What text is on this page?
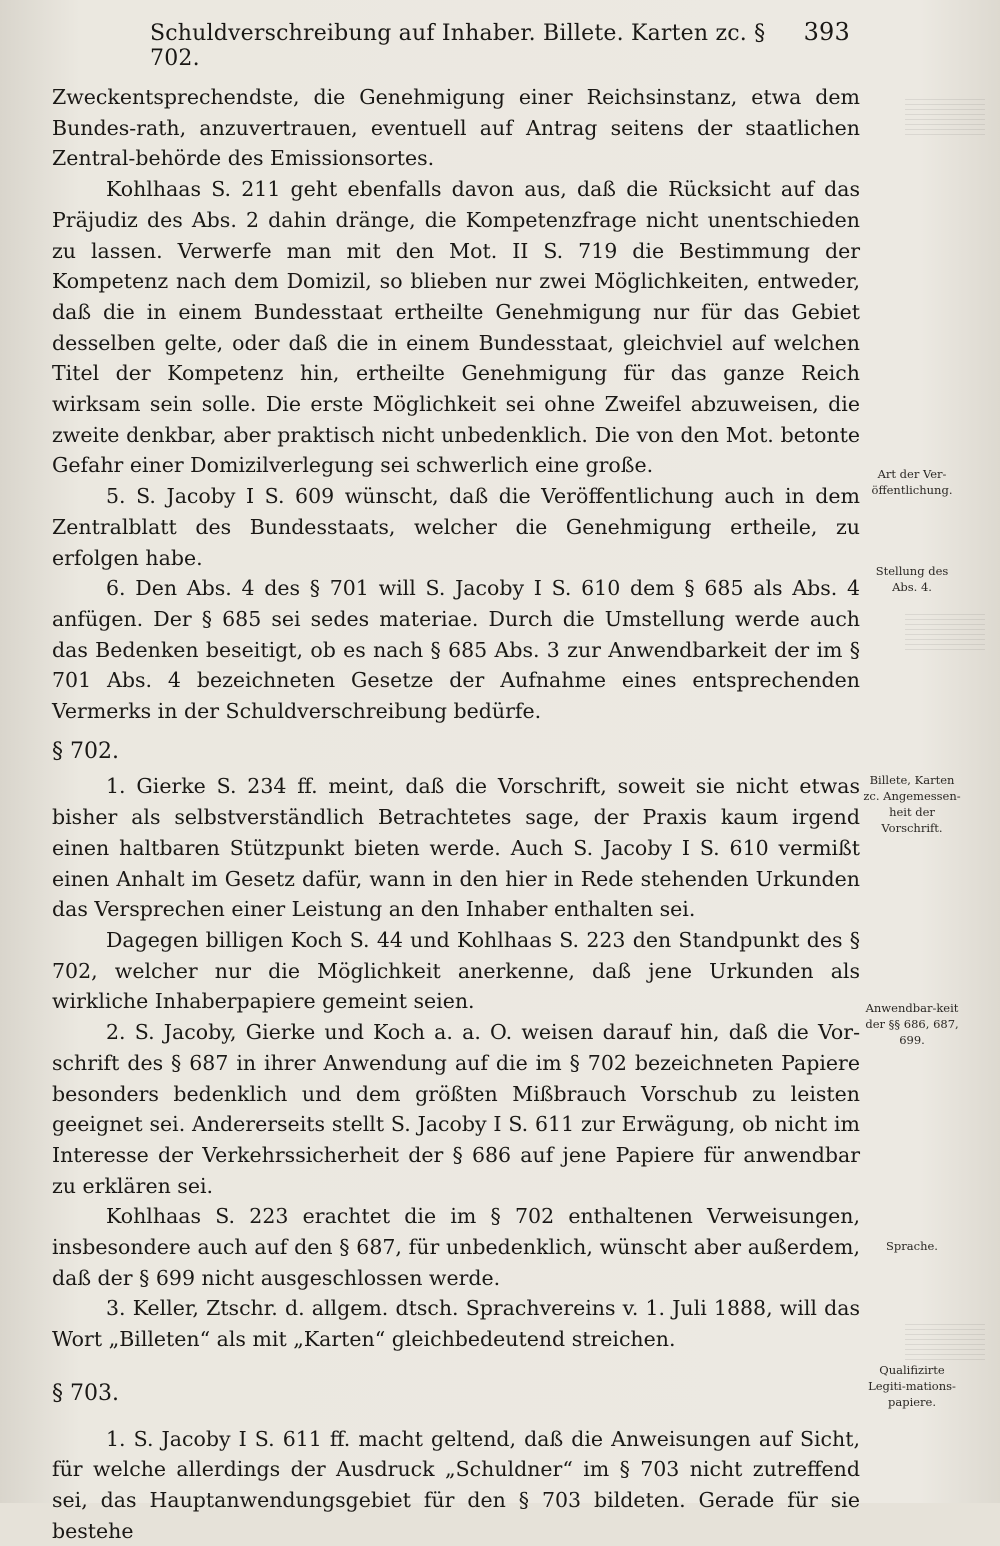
Schuldverschreibung auf Inhaber. Billete. Karten zc. § 702.
393

Zweckentsprechendste, die Genehmigung einer Reichsinstanz, etwa dem Bundes-rath, anzuvertrauen, eventuell auf Antrag seitens der staatlichen Zentral-behörde des Emissionsortes.

Kohlhaas S. 211 geht ebenfalls davon aus, daß die Rücksicht auf das Präjudiz des Abs. 2 dahin dränge, die Kompetenzfrage nicht unentschieden zu lassen. Verwerfe man mit den Mot. II S. 719 die Bestimmung der Kompetenz nach dem Domizil, so blieben nur zwei Möglichkeiten, entweder, daß die in einem Bundesstaat ertheilte Genehmigung nur für das Gebiet desselben gelte, oder daß die in einem Bundesstaat, gleichviel auf welchen Titel der Kompetenz hin, ertheilte Genehmigung für das ganze Reich wirksam sein solle. Die erste Möglichkeit sei ohne Zweifel abzuweisen, die zweite denkbar, aber praktisch nicht unbedenklich. Die von den Mot. betonte Gefahr einer Domizilverlegung sei schwerlich eine große.

5. S. Jacoby I S. 609 wünscht, daß die Veröffentlichung auch in dem Zentralblatt des Bundesstaats, welcher die Genehmigung ertheile, zu erfolgen habe.

6. Den Abs. 4 des § 701 will S. Jacoby I S. 610 dem § 685 als Abs. 4 anfügen. Der § 685 sei sedes materiae. Durch die Umstellung werde auch das Bedenken beseitigt, ob es nach § 685 Abs. 3 zur Anwendbarkeit der im § 701 Abs. 4 bezeichneten Gesetze der Aufnahme eines entsprechenden Vermerks in der Schuldverschreibung bedürfe.

§ 702.

1. Gierke S. 234 ff. meint, daß die Vorschrift, soweit sie nicht etwas bisher als selbstverständlich Betrachtetes sage, der Praxis kaum irgend einen haltbaren Stützpunkt bieten werde. Auch S. Jacoby I S. 610 vermißt einen Anhalt im Gesetz dafür, wann in den hier in Rede stehenden Urkunden das Versprechen einer Leistung an den Inhaber enthalten sei.

Dagegen billigen Koch S. 44 und Kohlhaas S. 223 den Standpunkt des § 702, welcher nur die Möglichkeit anerkenne, daß jene Urkunden als wirkliche Inhaberpapiere gemeint seien.

2. S. Jacoby, Gierke und Koch a. a. O. weisen darauf hin, daß die Vor-schrift des § 687 in ihrer Anwendung auf die im § 702 bezeichneten Papiere besonders bedenklich und dem größten Mißbrauch Vorschub zu leisten geeignet sei. Andererseits stellt S. Jacoby I S. 611 zur Erwägung, ob nicht im Interesse der Verkehrssicherheit der § 686 auf jene Papiere für anwendbar zu erklären sei.

Kohlhaas S. 223 erachtet die im § 702 enthaltenen Verweisungen, insbesondere auch auf den § 687, für unbedenklich, wünscht aber außerdem, daß der § 699 nicht ausgeschlossen werde.

3. Keller, Ztschr. d. allgem. dtsch. Sprachvereins v. 1. Juli 1888, will das Wort „Billeten“ als mit „Karten“ gleichbedeutend streichen.

§ 703.

1. S. Jacoby I S. 611 ff. macht geltend, daß die Anweisungen auf Sicht, für welche allerdings der Ausdruck „Schuldner“ im § 703 nicht zutreffend sei, das Hauptanwendungsgebiet für den § 703 bildeten. Gerade für sie bestehe

Art der Ver-öffentlichung.
Stellung des Abs. 4.
Billete, Karten zc. Angemessen-heit der Vorschrift.
Anwendbar-keit der §§ 686, 687, 699.
Sprache.
Qualifizirte Legiti-mations-papiere.
